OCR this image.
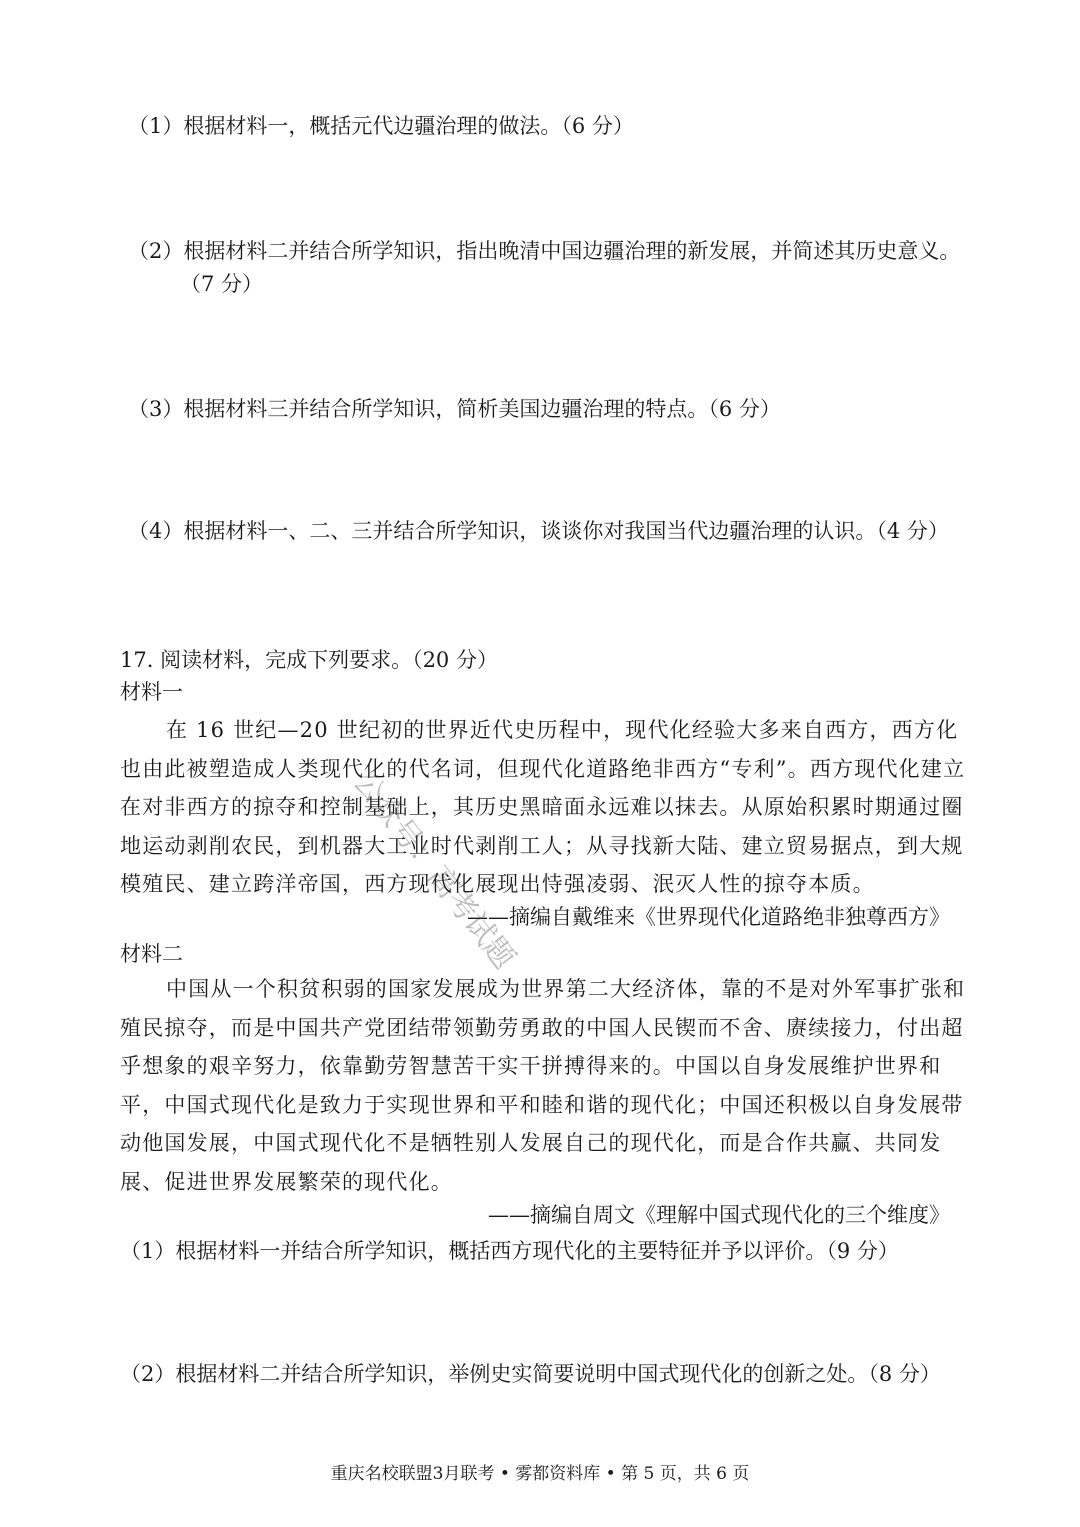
（1）根据材料一，概括元代边疆治理的做法。（6 分）
（2）根据材料二并结合所学知识，指出晚清中国边疆治理的新发展，并简述其历史意义。
（7 分）
（3）根据材料三并结合所学知识，简析美国边疆治理的特点。（6 分）
（4）根据材料一、二、三并结合所学知识，谈谈你对我国当代边疆治理的认识。（4 分）
17. 阅读材料，完成下列要求。（20 分）
材料一
在 16 世纪—20 世纪初的世界近代史历程中，现代化经验大多来自西方，西方化也由此被塑造成人类现代化的代名词，但现代化道路绝非西方“专利”。西方现代化建立在对非西方的掠夺和控制基础上，其历史黑暗面永远难以抹去。从原始积累时期通过圈地运动剥削农民，到机器大工业时代剥削工人；从寻找新大陆、建立贸易据点，到大规模殖民、建立跨洋帝国，西方现代化展现出恃强凌弱、泯灭人性的掠夺本质。
——摘编自戴维来《世界现代化道路绝非独尊西方》
材料二
中国从一个积贫积弱的国家发展成为世界第二大经济体，靠的不是对外军事扩张和殖民掠夺，而是中国共产党团结带领勤劳勇敢的中国人民锲而不舍、赓续接力，付出超乎想象的艰辛努力，依靠勤劳智慧苦干实干拼搏得来的。中国以自身发展维护世界和平，中国式现代化是致力于实现世界和平和睦和谐的现代化；中国还积极以自身发展带动他国发展，中国式现代化不是牺牲别人发展自己的现代化，而是合作共赢、共同发展、促进世界发展繁荣的现代化。
——摘编自周文《理解中国式现代化的三个维度》
（1）根据材料一并结合所学知识，概括西方现代化的主要特征并予以评价。（9 分）
（2）根据材料二并结合所学知识，举例史实简要说明中国式现代化的创新之处。（8 分）
公众号：高考试题
重庆名校联盟3月联考 • 雾都资料库 • 第 5 页，共 6 页
